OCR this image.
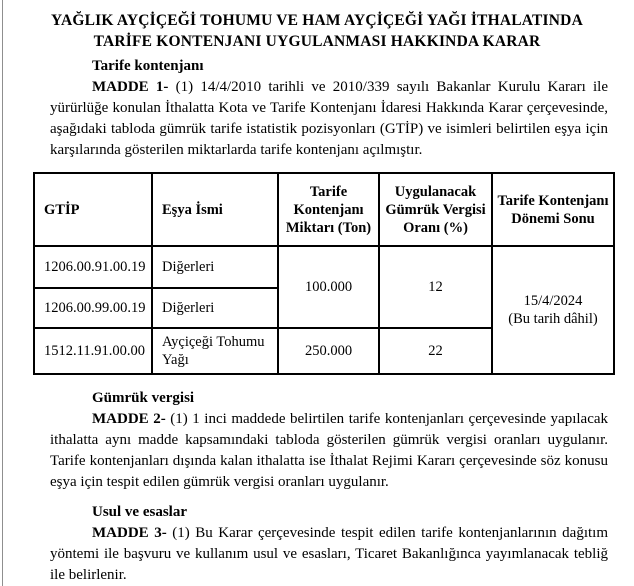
YAĞLIK AYÇİÇEĞİ TOHUMU VE HAM AYÇİÇEĞİ YAĞI İTHALATINDA
TARİFE KONTENJANI UYGULANMASI HAKKINDA KARAR
Tarife kontenjanı

MADDE 1- (1) 14/4/2010 tarihli ve 2010/339 sayılı Bakanlar Kurulu Kararı ile yürürlüğe konulan İthalatta Kota ve Tarife Kontenjanı İdaresi Hakkında Karar çerçevesinde, aşağıdaki tabloda gümrük tarife istatistik pozisyonları (GTİP) ve isimleri belirtilen eşya için karşılarında gösterilen miktarlarda tarife kontenjanı açılmıştır.

GTİP	Eşya İsmi	Tarife Kontenjanı Miktarı (Ton)	Uygulanacak Gümrük Vergisi Oranı (%)	Tarife Kontenjanı Dönemi Sonu
1206.00.91.00.19	Diğerleri	100.000	12	15/4/2024
(Bu tarih dâhil)

1206.00.99.00.19	Diğerleri			
1512.11.91.00.00	Ayçiçeği Tohumu Yağı	250.000	22	
Gümrük vergisi

MADDE 2- (1) 1 inci maddede belirtilen tarife kontenjanları çerçevesinde yapılacak ithalatta aynı madde kapsamındaki tabloda gösterilen gümrük vergisi oranları uygulanır. Tarife kontenjanları dışında kalan ithalatta ise İthalat Rejimi Kararı çerçevesinde söz konusu eşya için tespit edilen gümrük vergisi oranları uygulanır.

Usul ve esaslar

MADDE 3- (1) Bu Karar çerçevesinde tespit edilen tarife kontenjanlarının dağıtım yöntemi ile başvuru ve kullanım usul ve esasları, Ticaret Bakanlığınca yayımlanacak tebliğ ile belirlenir.
